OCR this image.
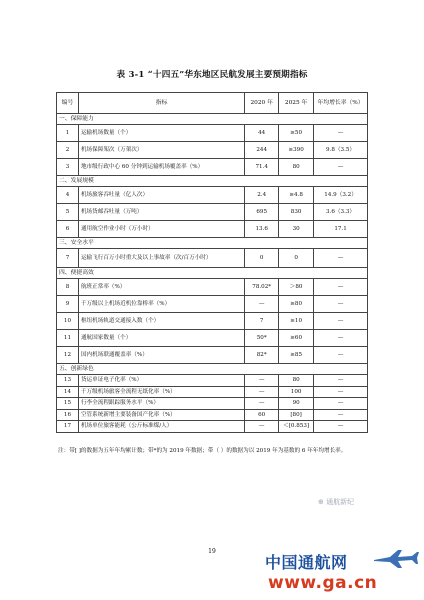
表 3-1 “十四五”华东地区民航发展主要预期指标
编号	指标	2020 年	2025 年	年均增长率（%）
一、保障能力				
1	运输机场数量（个）	44	≥50	—
2	机场保障架次（万架次）	244	≥390	9.8（3.5）
3	地市级行政中心 60 分钟到运输机场覆盖率（%）	71.4	80	—
二、发展规模				
4	机场旅客吞吐量（亿人次）	2.4	≥4.8	14.9（3.2）
5	机场货邮吞吐量（万吨）	695	830	3.6（3.3）
6	通用航空作业小时（万小时）	13.6	30	17.1
三、安全水平				
7	运输飞行百万小时重大及以上事故率（次/百万小时）	0	0	—
四、便捷高效				
8	航班正常率（%）	78.02*	＞80	—
9	千万级以上机场近机位靠桥率（%）	—	≥80	—
10	枢纽机场轨道交通接入数（个）	7	≥10	—
11	通航国家数量（个）	50*	≥60	—
12	国内机场联通覆盖率（%）	82*	≥85	—
五、创新绿色				
13	货运单证电子化率（%）	—	80	—
14	千万级机场旅客全流程无纸化率（%）	—	100	—
15	行李全流程跟踪服务水平（%）	—	90	—
16	空管系统新增主要装备国产化率（%）	60	[80]	—
17	机场单位旅客能耗（公斤标准煤/人）	—	＜[0.853]	—
注：带[ ]的数据为五年年均累计数；带*的为 2019 年数据；带（ ）的数据为以 2019 年为基数的 6 年年均增长率。
⊕ 通航新纪
19
中国通航网
www.ga.cn
